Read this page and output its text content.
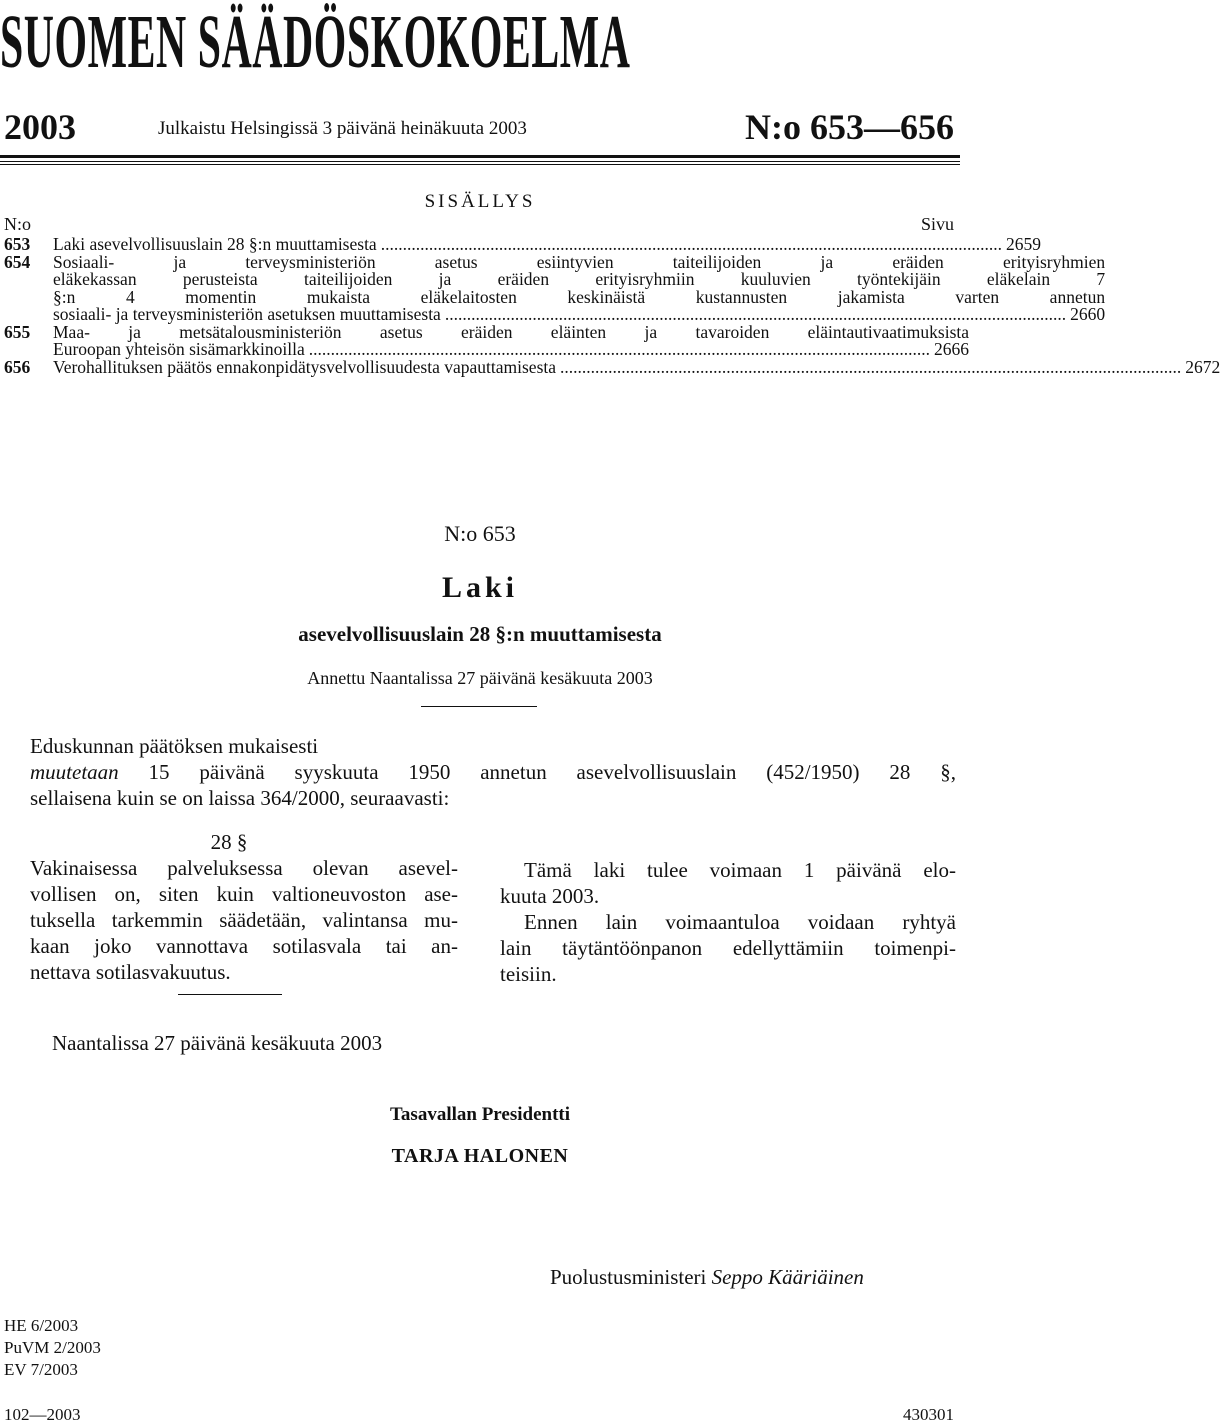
SUOMEN SÄÄDÖSKOKOELMA
2003	Julkaistu Helsingissä 3 päivänä heinäkuuta 2003	N:o 653—656
SISÄLLYS
N:o	Sivu
653	Laki asevelvollisuuslain 28 §:n muuttamisesta .............................................................................................................................................. 2659
654	Sosiaali- ja terveysministeriön asetus esiintyvien taiteilijoiden ja eräiden erityisryhmien
eläkekassan perusteista taiteilijoiden ja eräiden erityisryhmiin kuuluvien työntekijäin eläkelain 7
§:n 4 momentin mukaista eläkelaitosten keskinäistä kustannusten jakamista varten annetun
sosiaali- ja terveysministeriön asetuksen muuttamisesta .............................................................................................................................................. 2660
655	Maa- ja metsätalousministeriön asetus eräiden eläinten ja tavaroiden eläintautivaatimuksista
Euroopan yhteisön sisämarkkinoilla .............................................................................................................................................. 2666
656	Verohallituksen päätös ennakonpidätysvelvollisuudesta vapauttamisesta .............................................................................................................................................. 2672
N:o 653
Laki
asevelvollisuuslain 28 §:n muuttamisesta
Annettu Naantalissa 27 päivänä kesäkuuta 2003
Eduskunnan päätöksen mukaisesti
muutetaan 15 päivänä syyskuuta 1950 annetun asevelvollisuuslain (452/1950) 28 §,
sellaisena kuin se on laissa 364/2000, seuraavasti:
28 §
Vakinaisessa palveluksessa olevan asevel-
vollisen on, siten kuin valtioneuvoston ase-
tuksella tarkemmin säädetään, valintansa mu-
kaan joko vannottava sotilasvala tai an-
nettava sotilasvakuutus.
Tämä laki tulee voimaan 1 päivänä elo-
kuuta 2003.
Ennen lain voimaantuloa voidaan ryhtyä
lain täytäntöönpanon edellyttämiin toimenpi-
teisiin.
Naantalissa 27 päivänä kesäkuuta 2003
Tasavallan Presidentti
TARJA HALONEN
Puolustusministeri Seppo Kääriäinen
HE 6/2003
PuVM 2/2003
EV 7/2003
102—2003	430301
